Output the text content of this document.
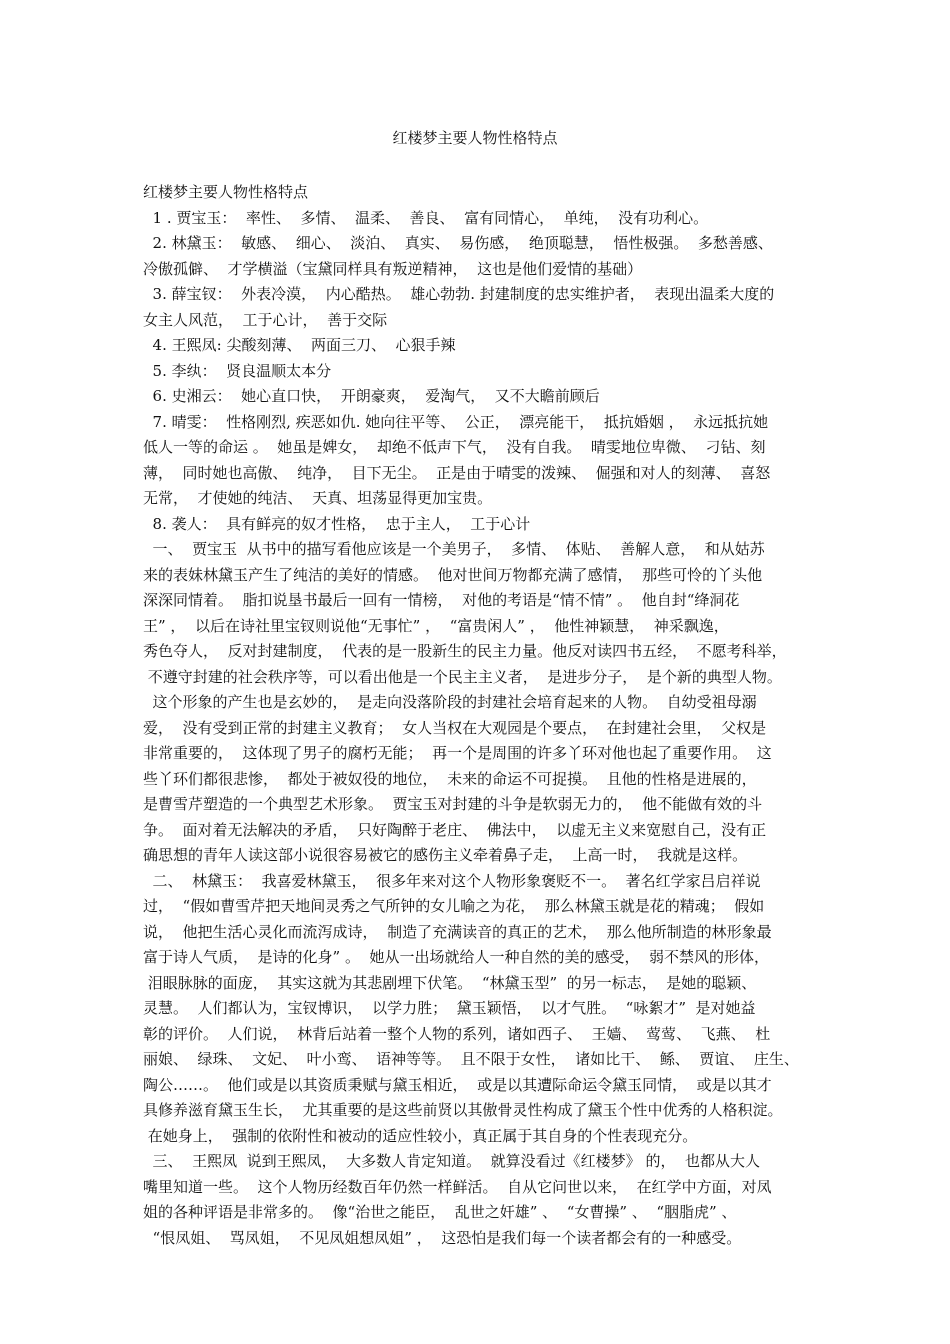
红楼梦主要人物性格特点
红楼梦主要人物性格特点
1 . 贾宝玉：  率性、  多情、  温柔、  善良、  富有同情心，  单纯，  没有功利心。
2. 林黛玉：  敏感、  细心、  淡泊、  真实、  易伤感，  绝顶聪慧，  悟性极强。  多愁善感、
冷傲孤僻、  才学横溢（宝黛同样具有叛逆精神，  这也是他们爱情的基础）
3. 薛宝钗：  外表冷漠，  内心酷热。  雄心勃勃. 封建制度的忠实维护者，  表现出温柔大度的
女主人风范，  工于心计，  善于交际
4. 王熙凤: 尖酸刻薄、  两面三刀、  心狠手辣
5. 李纨：  贤良温顺太本分
6. 史湘云：  她心直口快，  开朗豪爽，  爱淘气，  又不大瞻前顾后
7. 晴雯：  性格刚烈, 疾恶如仇. 她向往平等、  公正，  漂亮能干，  抵抗婚姻 ，  永远抵抗她
低人一等的命运 。  她虽是婢女，  却绝不低声下气，  没有自我。  晴雯地位卑微、  刁钻、刻
薄，  同时她也高傲、  纯净，  目下无尘。  正是由于晴雯的泼辣、  倔强和对人的刻薄、  喜怒
无常，  才使她的纯洁、  天真、坦荡显得更加宝贵。
8. 袭人：  具有鲜亮的奴才性格，  忠于主人，  工于心计
一、  贾宝玉  从书中的描写看他应该是一个美男子，  多情、  体贴、  善解人意，  和从姑苏
来的表妹林黛玉产生了纯洁的美好的情感。  他对世间万物都充满了感情，  那些可怜的丫头他
深深同情着。  脂扣说垦书最后一回有一情榜，  对他的考语是“情不情” 。  他自封“绛洞花
王” ，  以后在诗社里宝钗则说他“无事忙” ，  “富贵闲人” ，  他性神颖慧，  神采飘逸，
秀色夺人，  反对封建制度，  代表的是一股新生的民主力量。他反对读四书五经，  不愿考科举，
不遵守封建的社会秩序等，可以看出他是一个民主主义者，  是进步分子，  是个新的典型人物。
这个形象的产生也是玄妙的，  是走向没落阶段的封建社会培育起来的人物。  自幼受祖母溺
爱，  没有受到正常的封建主义教育；  女人当权在大观园是个要点，  在封建社会里，  父权是
非常重要的，  这体现了男子的腐朽无能；  再一个是周围的许多丫环对他也起了重要作用。  这
些丫环们都很悲惨，  都处于被奴役的地位，  未来的命运不可捉摸。  且他的性格是进展的，
是曹雪芹塑造的一个典型艺术形象。  贾宝玉对封建的斗争是软弱无力的，  他不能做有效的斗
争。  面对着无法解决的矛盾，  只好陶醉于老庄、  佛法中，  以虚无主义来宽慰自己，没有正
确思想的青年人读这部小说很容易被它的感伤主义牵着鼻子走，  上高一时，  我就是这样。
二、  林黛玉：  我喜爱林黛玉，  很多年来对这个人物形象褒贬不一。  著名红学家吕启祥说
过，  “假如曹雪芹把天地间灵秀之气所钟的女儿喻之为花，  那么林黛玉就是花的精魂；  假如
说，  他把生活心灵化而流泻成诗，  制造了充满读音的真正的艺术，  那么他所制造的林形象最
富于诗人气质，  是诗的化身” 。  她从一出场就给人一种自然的美的感受，  弱不禁风的形体，
泪眼脉脉的面庞，  其实这就为其悲剧埋下伏笔。  “林黛玉型”  的另一标志，  是她的聪颖、
灵慧。  人们都认为，宝钗博识，  以学力胜；  黛玉颖悟，  以才气胜。  “咏絮才”  是对她益
彰的评价。  人们说，  林背后站着一整个人物的系列，诸如西子、  王嫱、  莺莺、  飞燕、  杜
丽娘、  绿珠、  文妃、  叶小鸾、  语神等等。  且不限于女性，  诸如比干、  鲧、  贾谊、  庄生、
陶公……。  他们或是以其资质秉赋与黛玉相近，  或是以其遭际命运令黛玉同情，  或是以其才
具修养滋育黛玉生长，  尤其重要的是这些前贤以其傲骨灵性构成了黛玉个性中优秀的人格积淀。
在她身上，  强制的依附性和被动的适应性较小，真正属于其自身的个性表现充分。
三、  王熙凤  说到王熙凤，  大多数人肯定知道。  就算没看过《红楼梦》 的，  也都从大人
嘴里知道一些。  这个人物历经数百年仍然一样鲜活。  自从它问世以来，  在红学中方面，对凤
姐的各种评语是非常多的。  像“治世之能臣，  乱世之奸雄” 、  “女曹操” 、  “胭脂虎” 、
“恨凤姐、  骂凤姐，  不见凤姐想凤姐” ，  这恐怕是我们每一个读者都会有的一种感受。
